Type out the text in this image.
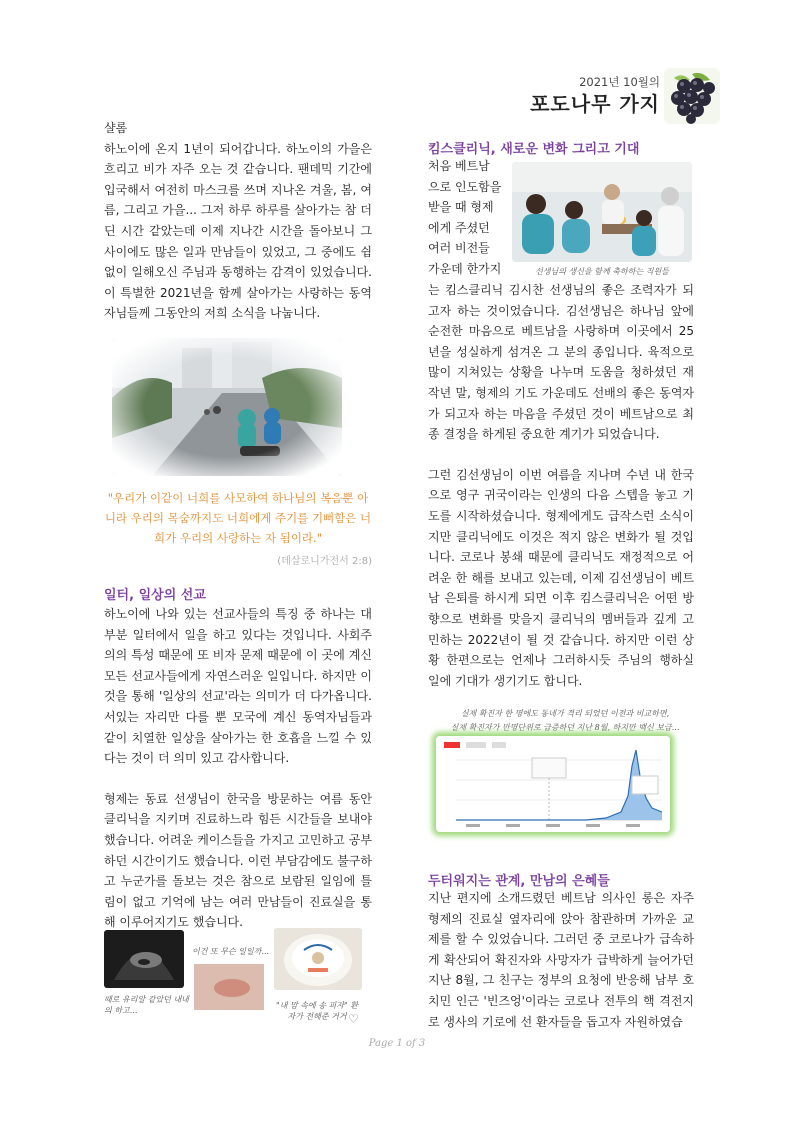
2021년 10월의
포도나무 가지

샬롬

하노이에 온지 1년이 되어갑니다. 하노이의 가을은 흐리고 비가 자주 오는 것 같습니다. 팬데믹 기간에 입국해서 여전히 마스크를 쓰며 지나온 겨울, 봄, 여름, 그리고 가을... 그저 하루 하루를 살아가는 참 더딘 시간 같았는데 이제 지나간 시간을 돌아보니 그 사이에도 많은 일과 만남들이 있었고, 그 중에도 쉼 없이 일해오신 주님과 동행하는 감격이 있었습니다. 이 특별한 2021년을 함께 살아가는 사랑하는 동역자님들께 그동안의 저희 소식을 나눕니다.

"우리가 이같이 너희를 사모하여 하나님의 복음뿐 아니라 우리의 목숨까지도 너희에게 주기를 기뻐함은 너희가 우리의 사랑하는 자 됨이라."
(데살로니가전서 2:8)
일터, 일상의 선교

하노이에 나와 있는 선교사들의 특징 중 하나는 대부분 일터에서 일을 하고 있다는 것입니다. 사회주의의 특성 때문에 또 비자 문제 때문에 이 곳에 계신 모든 선교사들에게 자연스러운 일입니다. 하지만 이것을 통해 '일상의 선교'라는 의미가 더 다가옵니다. 서있는 자리만 다를 뿐 모국에 계신 동역자님들과 같이 치열한 일상을 살아가는 한 호흡을 느낄 수 있다는 것이 더 의미 있고 감사합니다.

형제는 동료 선생님이 한국을 방문하는 여름 동안 클리닉을 지키며 진료하느라 힘든 시간들을 보내야했습니다. 어려운 케이스들을 가지고 고민하고 공부하던 시간이기도 했습니다. 이런 부담감에도 불구하고 누군가를 돌보는 것은 참으로 보람된 일임에 틀림이 없고 기억에 남는 여러 만남들이 진료실을 통해 이루어지기도 했습니다.

때로 유리알 같았던 내내의 하고...
이건 또 무슨 일일까...
"내 맘 속에 송 피자" 환자가 전해준 거거 ♡
킴스클리닉, 새로운 변화 그리고 기대

처음 베트남

으로 인도함을

받을 때 형제

에게 주셨던

여러 비전들

가운데 한가지	선생님의 생신을 함께 축하하는 직원들

는 킴스클리닉 김시찬 선생님의 좋은 조력자가 되고자 하는 것이었습니다. 김선생님은 하나님 앞에 순전한 마음으로 베트남을 사랑하며 이곳에서 25년을 성실하게 섬겨온 그 분의 종입니다. 육적으로 많이 지쳐있는 상황을 나누며 도움을 청하셨던 재작년 말, 형제의 기도 가운데도 선배의 좋은 동역자가 되고자 하는 마음을 주셨던 것이 베트남으로 최종 결정을 하게된 중요한 계기가 되었습니다.

그런 김선생님이 이번 여름을 지나며 수년 내 한국으로 영구 귀국이라는 인생의 다음 스텝을 놓고 기도를 시작하셨습니다. 형제에게도 급작스런 소식이지만 클리닉에도 이것은 적지 않은 변화가 될 것입니다. 코로나 봉쇄 때문에 클리닉도 재정적으로 어려운 한 해를 보내고 있는데, 이제 김선생님이 베트남 은퇴를 하시게 되면 이후 킴스클리닉은 어떤 방향으로 변화를 맞을지 클리닉의 멤버들과 깊게 고민하는 2022년이 될 것 같습니다. 하지만 이런 상황 한편으로는 언제나 그러하시듯 주님의 행하실 일에 기대가 생기기도 합니다.

실제 확진자 한 명에도 동네가 격리 되었던 이전과 비교하면,
실제 확진자가 만명단위로 급증하던 지난 8월, 하지만 백신 보급...
두터워지는 관계, 만남의 은혜들

지난 편지에 소개드렸던 베트남 의사인 롱은 자주 형제의 진료실 옆자리에 앉아 참관하며 가까운 교제를 할 수 있었습니다. 그러던 중 코로나가 급속하게 확산되어 확진자와 사망자가 급박하게 늘어가던 지난 8월, 그 친구는 정부의 요청에 반응해 남부 호치민 인근 '빈즈엉'이라는 코로나 전투의 핵 격전지로 생사의 기로에 선 환자들을 돕고자 자원하였습

Page 1 of 3
